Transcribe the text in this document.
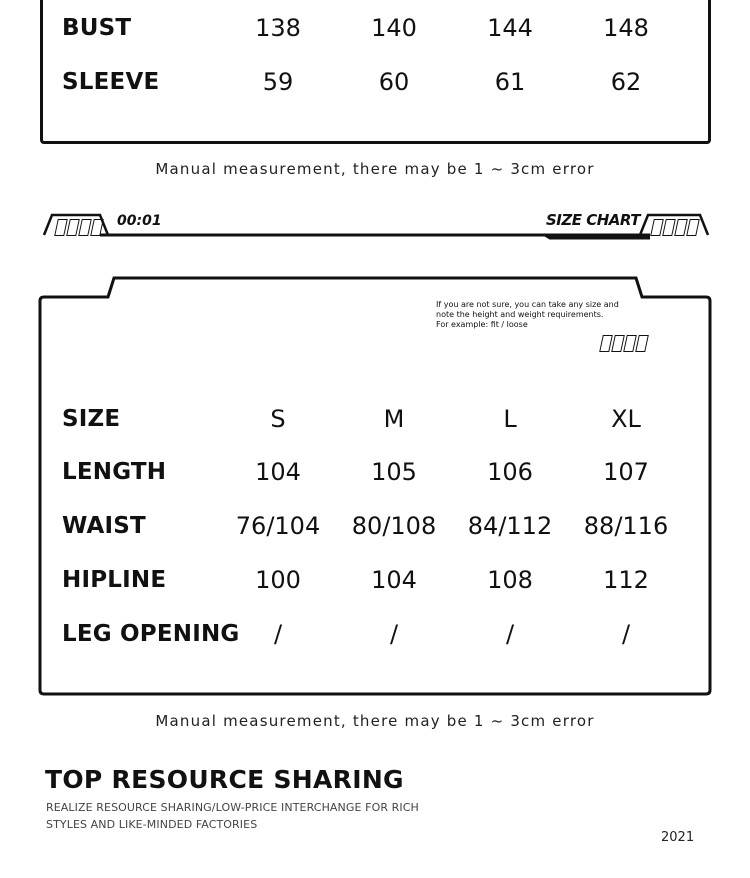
BUST	138	140	144	148
SLEEVE	59	60	61	62
Manual measurement, there may be 1 ~ 3cm error
00:01	SIZE CHART
If you are not sure, you can take any size and
note the height and weight requirements.
For example: fit / loose
SIZE	S	M	L	XL
LENGTH	104	105	106	107
WAIST	76/104	80/108	84/112	88/116
HIPLINE	100	104	108	112
LEG OPENING	/	/	/	/
Manual measurement, there may be 1 ~ 3cm error
TOP RESOURCE SHARING
REALIZE RESOURCE SHARING/LOW-PRICE INTERCHANGE FOR RICH
STYLES AND LIKE-MINDED FACTORIES
2021
